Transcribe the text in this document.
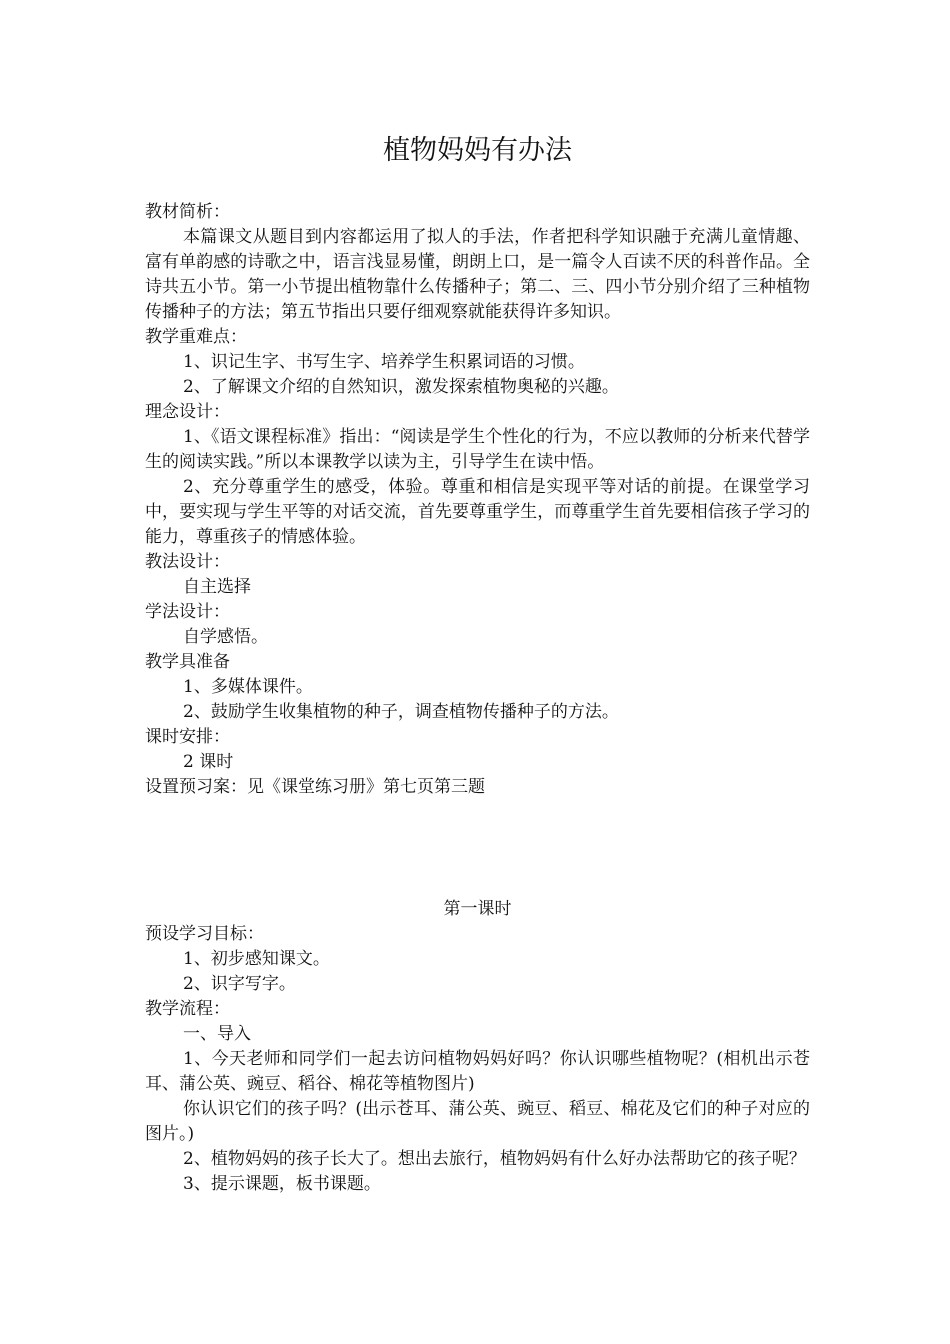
植物妈妈有办法

教材简析：

本篇课文从题目到内容都运用了拟人的手法，作者把科学知识融于充满儿童情趣、富有单韵感的诗歌之中，语言浅显易懂，朗朗上口，是一篇令人百读不厌的科普作品。全诗共五小节。第一小节提出植物靠什么传播种子；第二、三、四小节分别介绍了三种植物传播种子的方法；第五节指出只要仔细观察就能获得许多知识。

教学重难点：

1、识记生字、书写生字、培养学生积累词语的习惯。

2、了解课文介绍的自然知识，激发探索植物奥秘的兴趣。

理念设计：

1、《语文课程标准》指出：“阅读是学生个性化的行为，不应以教师的分析来代替学生的阅读实践。”所以本课教学以读为主，引导学生在读中悟。

2、充分尊重学生的感受，体验。尊重和相信是实现平等对话的前提。在课堂学习中，要实现与学生平等的对话交流，首先要尊重学生，而尊重学生首先要相信孩子学习的能力，尊重孩子的情感体验。

教法设计：

自主选择

学法设计：

自学感悟。

教学具准备

1、多媒体课件。

2、鼓励学生收集植物的种子，调查植物传播种子的方法。

课时安排：

2 课时

设置预习案：见《课堂练习册》第七页第三题

第一课时

预设学习目标：

1、初步感知课文。

2、识字写字。

教学流程：

一、导入

1、今天老师和同学们一起去访问植物妈妈好吗？你认识哪些植物呢？(相机出示苍耳、蒲公英、豌豆、稻谷、棉花等植物图片)

你认识它们的孩子吗？(出示苍耳、蒲公英、豌豆、稻豆、棉花及它们的种子对应的图片。)

2、植物妈妈的孩子长大了。想出去旅行，植物妈妈有什么好办法帮助它的孩子呢？

3、提示课题，板书课题。
